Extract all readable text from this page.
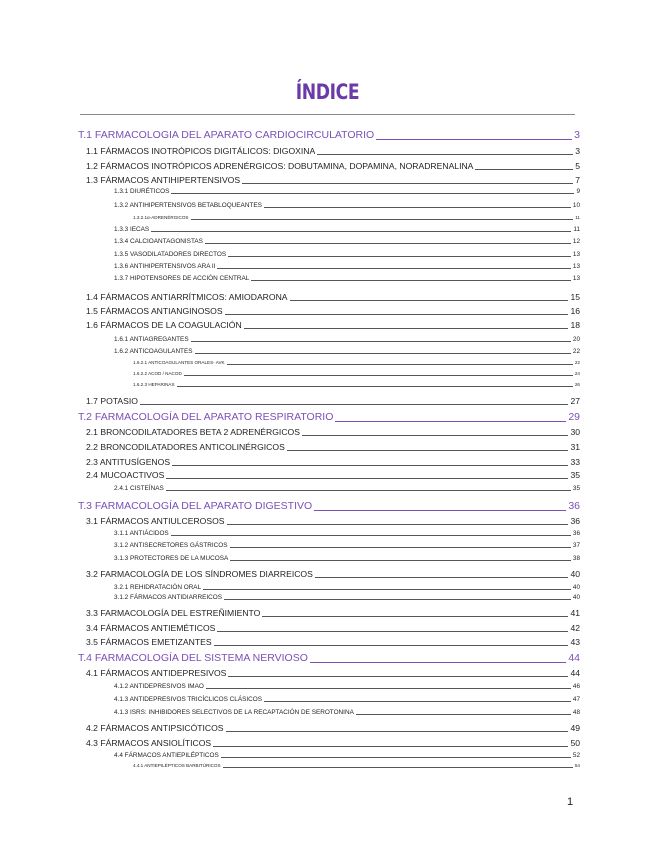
ÍNDICE
T.1 FARMACOLOGIA DEL APARATO CARDIOCIRCULATORIO	3
1.1 FÁRMACOS INOTRÓPICOS DIGITÁLICOS: DIGOXINA	3
1.2 FÁRMACOS INOTRÓPICOS ADRENÉRGICOS: DOBUTAMINA, DOPAMINA, NORADRENALINA	5
1.3 FÁRMACOS ANTIHIPERTENSIVOS	7
1.3.1 DIURÉTICOS	9
1.3.2 ANTIHIPERTENSIVOS BETABLOQUEANTES	10
1.3.2.1α-ADRENÉRGICOS	11
1.3.3 IECAS	11
1.3.4 CALCIOANTAGONISTAS	12
1.3.5 VASODILATADORES DIRECTOS	13
1.3.6 ANTIHIPERTENSIVOS ARA II	13
1.3.7 HIPOTENSORES DE ACCIÓN CENTRAL	13
1.4 FÁRMACOS ANTIARRÍTMICOS: AMIODARONA	15
1.5 FÁRMACOS ANTIANGINOSOS	16
1.6 FÁRMACOS DE LA COAGULACIÓN	18
1.6.1 ANTIAGREGANTES	20
1.6.2 ANTICOAGULANTES	22
1.6.2.1 ANTICOAGULANTES ORALES- AVK	22
1.6.2.2 ACOD / NACOD	24
1.6.2.3 HEPARINAS	26
1.7 POTASIO	27
T.2 FARMACOLOGÍA DEL APARATO RESPIRATORIO	29
2.1 BRONCODILATADORES BETA 2 ADRENÉRGICOS	30
2.2 BRONCODILATADORES ANTICOLINÉRGICOS	31
2.3 ANTITUSÍGENOS	33
2.4 MUCOACTIVOS	35
2.4.1 CISTEÍNAS	35
T.3 FARMACOLOGÍA DEL APARATO DIGESTIVO	36
3.1 FÁRMACOS ANTIULCEROSOS	36
3.1.1 ANTIÁCIDOS	36
3.1.2 ANTISECRETORES GÁSTRICOS	37
3.1.3 PROTECTORES DE LA MUCOSA	38
3.2 FARMACOLOGÍA DE LOS SÍNDROMES DIARREICOS	40
3.2.1 REHIDRATACIÓN ORAL	40
3.1.2 FÁRMACOS ANTIDIARREICOS	40
3.3 FARMACOLOGÍA DEL ESTREÑIMIENTO	41
3.4 FÁRMACOS ANTIEMÉTICOS	42
3.5 FÁRMACOS EMETIZANTES	43
T.4 FARMACOLOGÍA DEL SISTEMA NERVIOSO	44
4.1 FÁRMACOS ANTIDEPRESIVOS	44
4.1.2 ANTIDEPRESIVOS IMAO	46
4.1.3 ANTIDEPRESIVOS TRICÍCLICOS CLÁSICOS	47
4.1.3 ISRS: INHIBIDORES SELECTIVOS DE LA RECAPTACIÓN DE SEROTONINA	48
4.2 FÁRMACOS ANTIPSICÓTICOS	49
4.3 FÁRMACOS ANSIOLÍTICOS	50
4.4 FÁRMACOS ANTIEPILÉPTICOS	52
4.4.1 ANTIEPILÉPTICOS BARBITÚRICOS	54
1
